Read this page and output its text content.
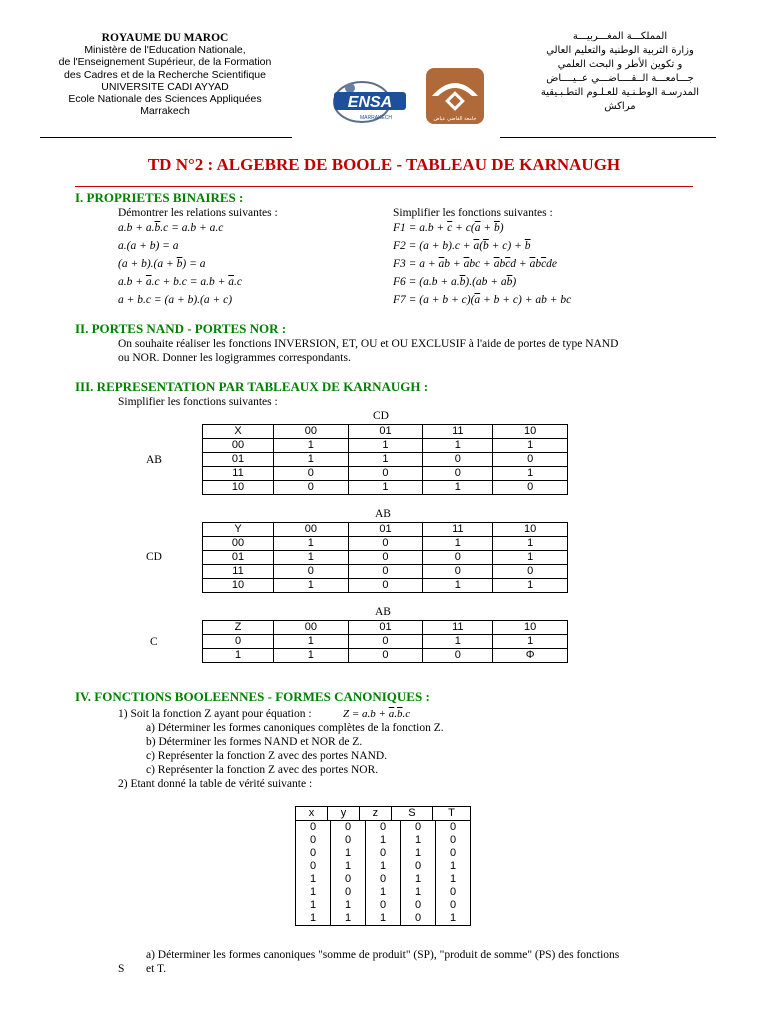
ROYAUME DU MAROC
Ministère de l'Education Nationale,
de l'Enseignement Supérieur, de la Formation
des Cadres et de la Recherche Scientifique
UNIVERSITE CADI AYYAD
Ecole Nationale des Sciences Appliquées
Marrakech
ENSA
MARRAKECH	جامعة القاضي عياض
المملكـــة المغـــربيـــة
وزارة التربية الوطنية والتعليم العالي
و تكوين الأطر و البحث العلمي
جـــامعـــة الــقــــاضـــي عــيــــاض
المدرسـة الوطـنـية للعـلـوم التطـبـيقية
مراكش
TD N°2 : ALGEBRE DE BOOLE - TABLEAU DE KARNAUGH
I. PROPRIETES BINAIRES :
Démontrer les relations suivantes :	Simplifier les fonctions suivantes :
$a.b + a.\overline{b}.c = a.b + a.c$
a.(a + b) = a
$(a + b).(a + \overline{b}) = a$
$a.b + \overline{a}.c + b.c = a.b + \overline{a}.c$
a + b.c = (a + b).(a + c)
$F1 = a.b + \overline{c} + c(\overline{a} + \overline{b})$
$F2 = (a + b).c + \overline{a}(\overline{b} + c) + \overline{b}$
$F3 = a + \overline{a}b + \overline{a}bc + \overline{a}b\overline{c}d + \overline{a}b\overline{c}de$
$F6 = (a.b + a.\overline{b}).(ab + a\overline{b})$
$F7 = (a + b + c)(\overline{a} + b + c)$ + ab + bc
II. PORTES NAND - PORTES NOR :
On souhaite réaliser les fonctions INVERSION, ET, OU et OU EXCLUSIF à l'aide de portes de type NAND
ou NOR. Donner les logigrammes correspondants.
III. REPRESENTATION PAR TABLEAUX DE KARNAUGH :
Simplifier les fonctions suivantes :
CD
AB
X	00	01	11	10
00	1	1	1	1
01	1	1	0	0
11	0	0	0	1
10	0	1	1	0
AB
CD
Y	00	01	11	10
00	1	0	1	1
01	1	0	0	1
11	0	0	0	0
10	1	0	1	1
AB
C
Z	00	01	11	10
0	1	0	1	1
1	1	0	0	Φ
IV. FONCTIONS BOOLEENNES - FORMES CANONIQUES :
1) Soit la fonction Z ayant pour équation :	$Z = a.b + \overline{a}.\overline{b}.c$
a) Déterminer les formes canoniques complètes de la fonction Z.
b) Déterminer les formes NAND et NOR de Z.
c) Représenter la fonction Z avec des portes NAND.
c) Représenter la fonction Z avec des portes NOR.
2) Etant donné la table de vérité suivante :
x	y	z	S	T
0	0	0	0	0
0	0	1	1	0
0	1	0	1	0
0	1	1	0	1
1	0	0	1	1
1	0	1	1	0
1	1	0	0	0
1	1	1	0	1
a) Déterminer les formes canoniques "somme de produit" (SP), "produit de somme" (PS) des fonctions
S et T.
